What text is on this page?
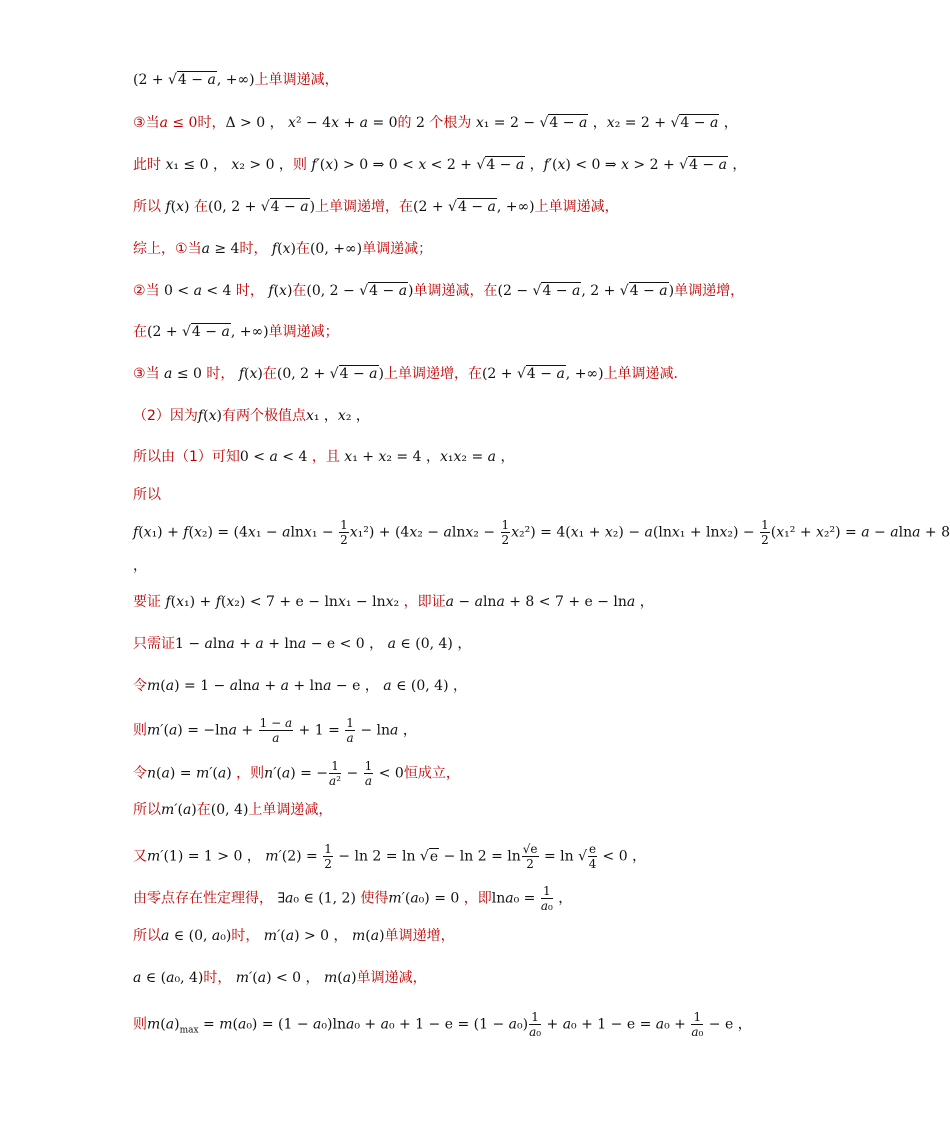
(2 + √4 − a, +∞)上单调递减，
③当a ≤ 0时，Δ > 0 ， x² − 4x + a = 0的 2 个根为 x₁ = 2 − √4 − a ，x₂ = 2 + √4 − a ，
此时 x₁ ≤ 0 ， x₂ > 0 ，则 f′(x) > 0 ⇒ 0 < x < 2 + √4 − a ，f′(x) < 0 ⇒ x > 2 + √4 − a ，
所以 f(x) 在(0, 2 + √4 − a)上单调递增，在(2 + √4 − a, +∞)上单调递减，
综上，①当a ≥ 4时， f(x)在(0, +∞)单调递减；
②当 0 < a < 4 时， f(x)在(0, 2 − √4 − a)单调递减，在(2 − √4 − a, 2 + √4 − a)单调递增，
在(2 + √4 − a, +∞)单调递减；
③当 a ≤ 0 时， f(x)在(0, 2 + √4 − a)上单调递增，在(2 + √4 − a, +∞)上单调递减．
（2）因为f(x)有两个极值点x₁ ，x₂ ，
所以由（1）可知0 < a < 4 ，且 x₁ + x₂ = 4 ，x₁x₂ = a ，
所以
$f(x_1) + f(x_2) = (4x_1 - alnx_1 - \frac{1}{2} x_1^2) + (4x_2 - alnx_2 - \frac{1}{2} x_2^2) = 4(x_1 + x_2) - a(\ln x_1 + \ln x_2) - \frac{1}{2} (x_1^2 + x_2^2) = a - alna + 8$
，
要证 f(x₁) + f(x₂) < 7 + e − lnx₁ − lnx₂ ，即证a − alna + 8 < 7 + e − lna ，
只需证1 − alna + a + lna − e < 0 ， a ∈ (0, 4) ，
令m(a) = 1 − alna + a + lna − e ， a ∈ (0, 4) ，
则$m'(a) = -\ln a + \frac{1 - a}{a} + 1 = \frac{1}{a} - \ln a$ ，
令n(a) = m′(a) ，则n′(a) = − $\frac{1}{\text{a²}} - \frac{1}{a} < 0$恒成立，
所以m′(a)在(0, 4)上单调递减，
又m′(1) = 1 > 0 ， $m'(2) = \frac{1}{2} - \ln 2 = \ln √e - \ln 2 = \ln \frac{√e}{2} = \ln$ √ $\frac{e}{4} < 0$ ，
由零点存在性定理得， ∃a₀ ∈ (1, 2) 使得m′(a₀) = 0 ，即$\ln a_0 = \frac{1}{\text{a₀}}$ ，
所以a ∈ (0, a₀)时， m′(a) > 0 ， m(a)单调递增，
a ∈ (a₀, 4)时， m′(a) < 0 ， m(a)单调递减，
则$m(a)_{max} = m(a_0) = (1 - a_0)\ln a_0 + a_0 + 1 - e = (1 - a_0) \frac{1}{\text{a₀}} + a_0 + 1 - e = a_0 + \frac{1}{\text{a₀}} - e$ ，
